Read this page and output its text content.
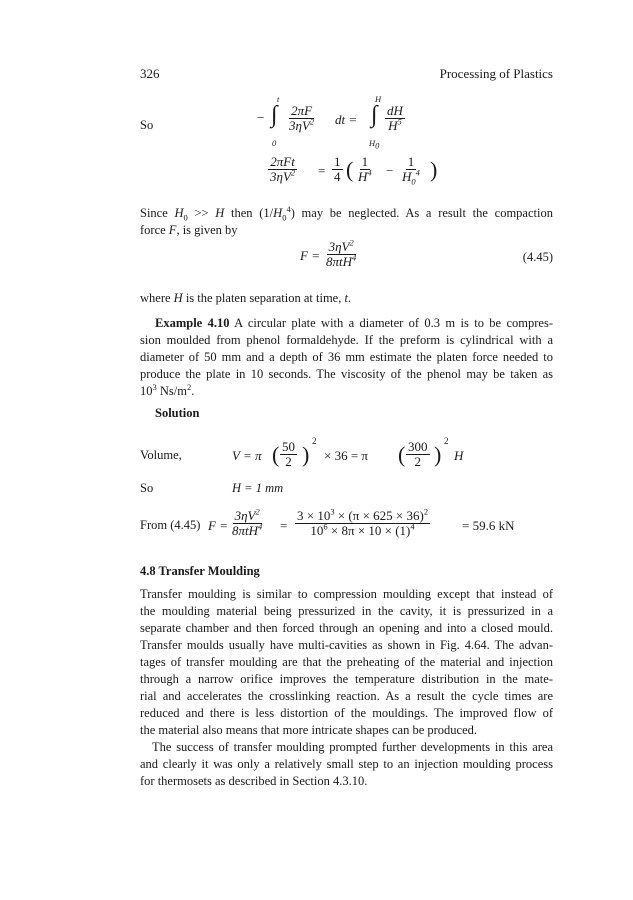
326	Processing of Plastics
So	−
t
∫
0
$\frac{2\pi F}{3\eta V^2}$ dt =
H
∫
$H_0$
$\frac{dH}{H^5}$
2πFt
$3\eta V^2 = \frac{1}{4}$ ( $\frac{1}{H^4} - \frac{1}{H_0^4}$ )
Since $H_0 >> H$ then $(1/H_0^4)$ may be neglected. As a result the compaction
force F, is given by
F =
$3\eta V^2$
8πtH$^4$	(4.45)
where H is the platen separation at time, t.
Example 4.10 A circular plate with a diameter of 0.3 m is to be compres-
sion moulded from phenol formaldehyde. If the preform is cylindrical with a
diameter of 50 mm and a depth of 36 mm estimate the platen force needed to
produce the plate in 10 seconds. The viscosity of the phenol may be taken as
$10^3$ $Ns/m^2$.
Solution
Volume,	V = π ( $\frac{50}{2}$ )
2
× 36 = π ( $\frac{300}{2}$ )
2
H
So	H = 1 mm
From (4.45) F =
$3\eta V^2$
$8\pi tH^4 = \frac{3 \times 10^3 \times (\pi \times 625 \times 36)^2}{10^6 \times 8\pi \times 10 \times (1)^4} = 59.6$ kN
4.8 Transfer Moulding
Transfer moulding is similar to compression moulding except that instead of
the moulding material being pressurized in the cavity, it is pressurized in a
separate chamber and then forced through an opening and into a closed mould.
Transfer moulds usually have multi-cavities as shown in Fig. 4.64. The advan-
tages of transfer moulding are that the preheating of the material and injection
through a narrow orifice improves the temperature distribution in the mate-
rial and accelerates the crosslinking reaction. As a result the cycle times are
reduced and there is less distortion of the mouldings. The improved flow of
the material also means that more intricate shapes can be produced.
The success of transfer moulding prompted further developments in this area
and clearly it was only a relatively small step to an injection moulding process
for thermosets as described in Section 4.3.10.
